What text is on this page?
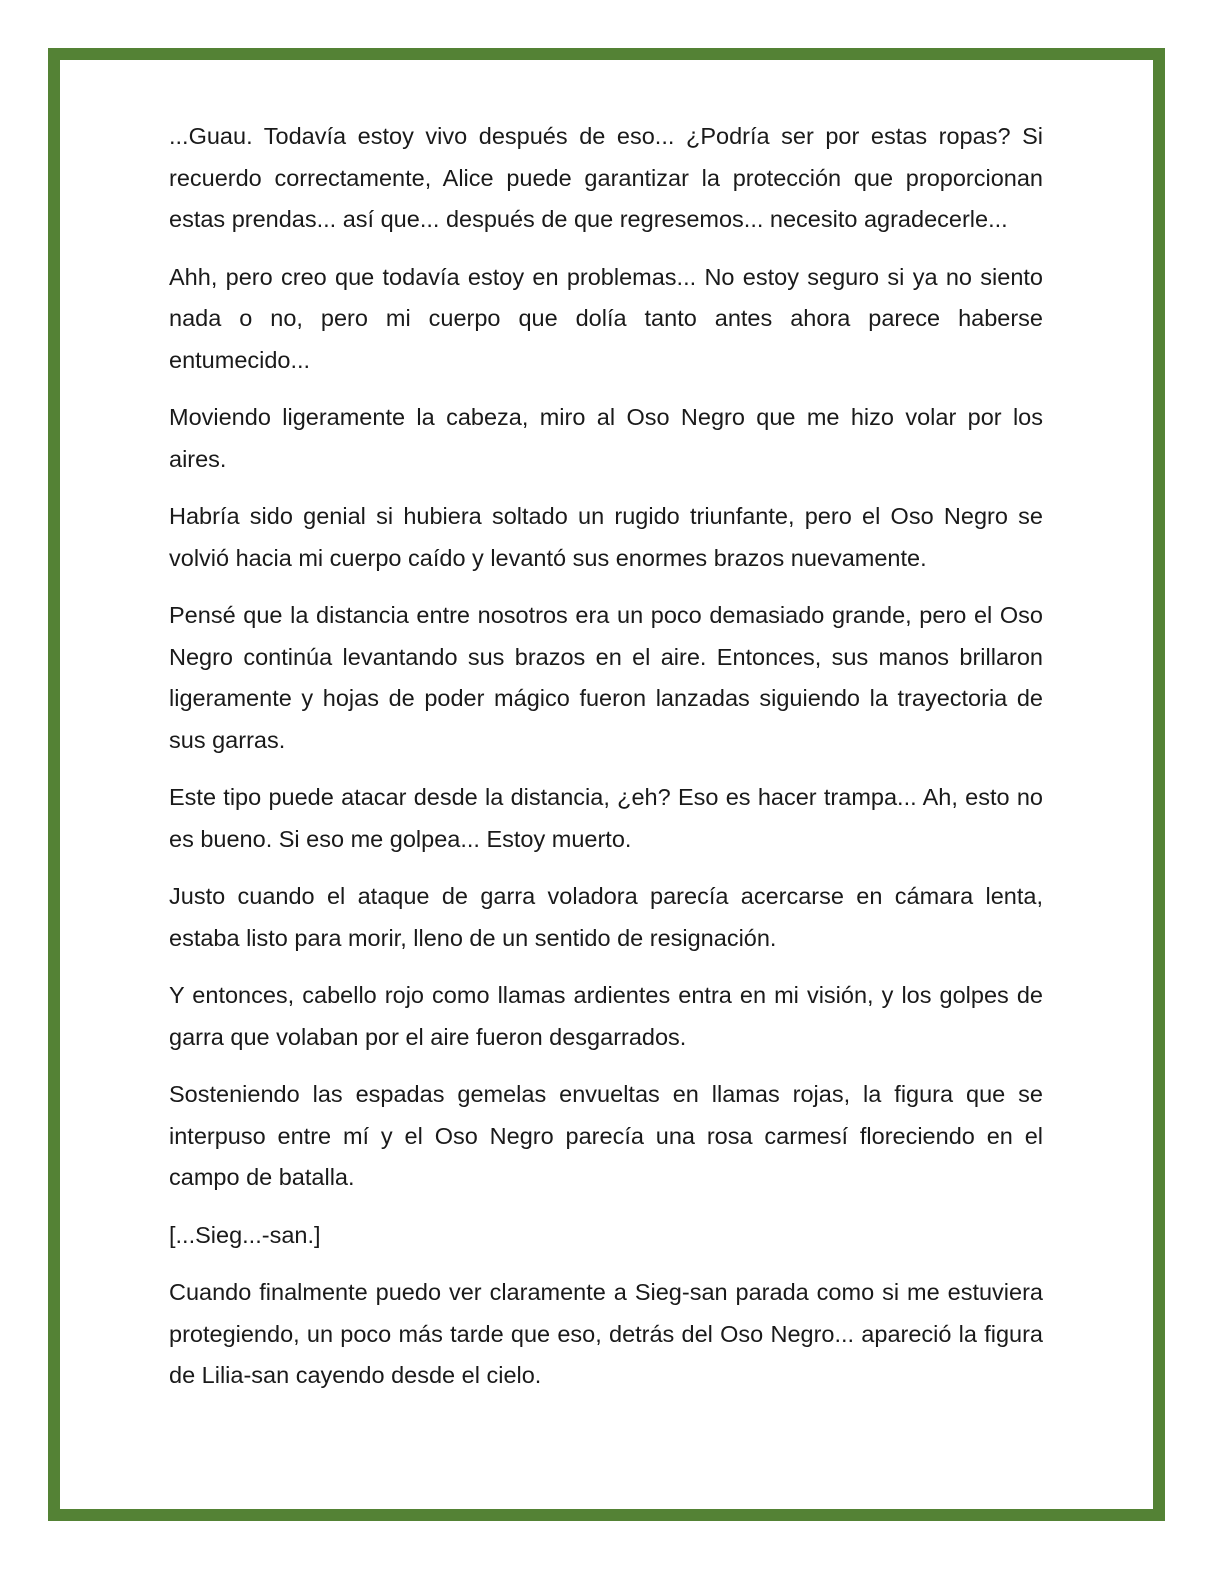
...Guau. Todavía estoy vivo después de eso... ¿Podría ser por estas ropas? Si recuerdo correctamente, Alice puede garantizar la protección que proporcionan estas prendas... así que... después de que regresemos... necesito agradecerle...

Ahh, pero creo que todavía estoy en problemas... No estoy seguro si ya no siento nada o no, pero mi cuerpo que dolía tanto antes ahora parece haberse entumecido...

Moviendo ligeramente la cabeza, miro al Oso Negro que me hizo volar por los aires.

Habría sido genial si hubiera soltado un rugido triunfante, pero el Oso Negro se volvió hacia mi cuerpo caído y levantó sus enormes brazos nuevamente.

Pensé que la distancia entre nosotros era un poco demasiado grande, pero el Oso Negro continúa levantando sus brazos en el aire. Entonces, sus manos brillaron ligeramente y hojas de poder mágico fueron lanzadas siguiendo la trayectoria de sus garras.

Este tipo puede atacar desde la distancia, ¿eh? Eso es hacer trampa... Ah, esto no es bueno. Si eso me golpea... Estoy muerto.

Justo cuando el ataque de garra voladora parecía acercarse en cámara lenta, estaba listo para morir, lleno de un sentido de resignación.

Y entonces, cabello rojo como llamas ardientes entra en mi visión, y los golpes de garra que volaban por el aire fueron desgarrados.

Sosteniendo las espadas gemelas envueltas en llamas rojas, la figura que se interpuso entre mí y el Oso Negro parecía una rosa carmesí floreciendo en el campo de batalla.

[...Sieg...-san.]

Cuando finalmente puedo ver claramente a Sieg-san parada como si me estuviera protegiendo, un poco más tarde que eso, detrás del Oso Negro... apareció la figura de Lilia-san cayendo desde el cielo.
